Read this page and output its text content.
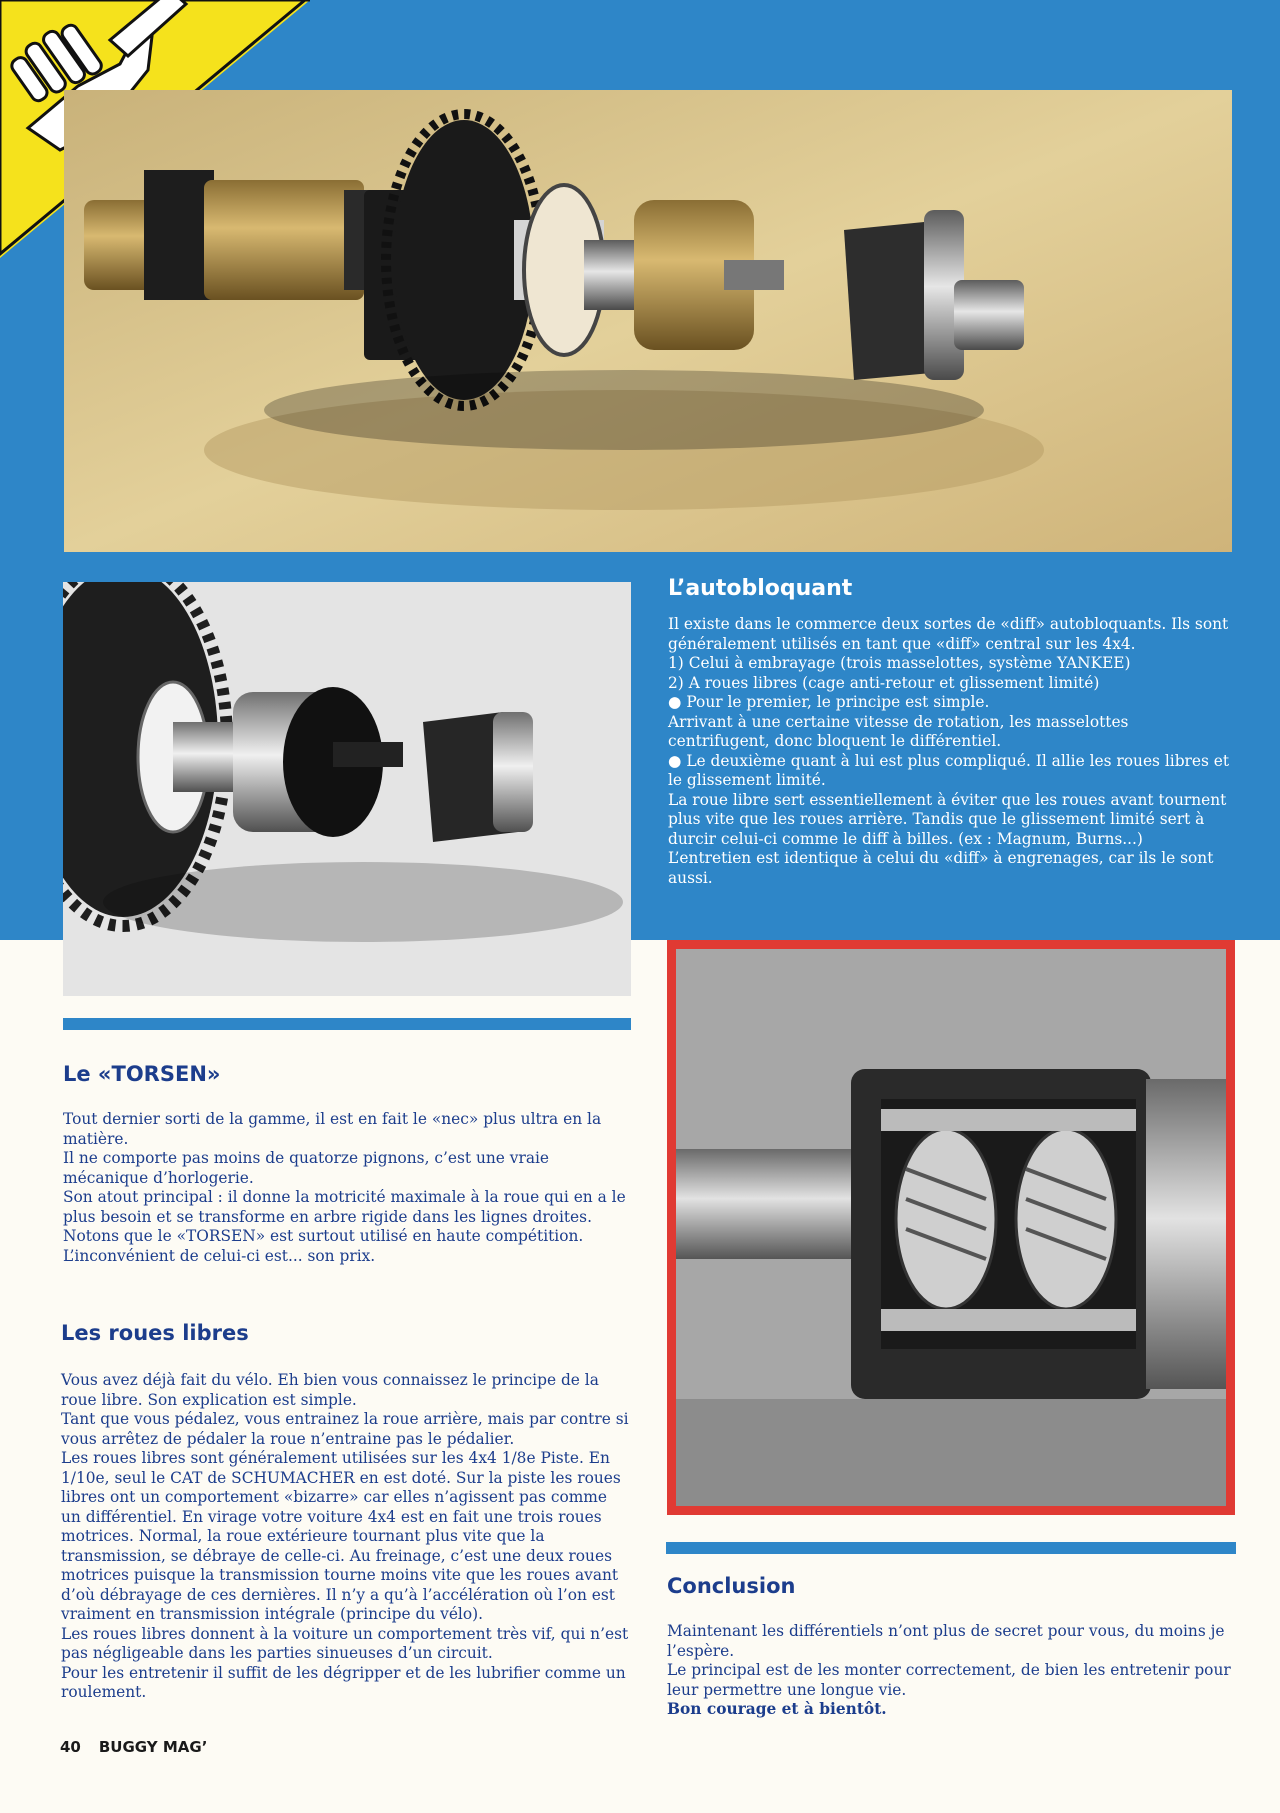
L’autobloquant

Il existe dans le commerce deux sortes de «diff» autobloquants. Ils sont généralement utilisés en tant que «diff» central sur les 4x4.

1) Celui à embrayage (trois masselottes, système YANKEE)

2) A roues libres (cage anti-retour et glissement limité)

● Pour le premier, le principe est simple.

Arrivant à une certaine vitesse de rotation, les masselottes centrifugent, donc bloquent le différentiel.

● Le deuxième quant à lui est plus compliqué. Il allie les roues libres et le glissement limité.

La roue libre sert essentiellement à éviter que les roues avant tournent plus vite que les roues arrière. Tandis que le glissement limité sert à durcir celui-ci comme le diff à billes. (ex : Magnum, Burns...)

L’entretien est identique à celui du «diff» à engrenages, car ils le sont aussi.

Le «TORSEN»

Tout dernier sorti de la gamme, il est en fait le «nec» plus ultra en la matière.

Il ne comporte pas moins de quatorze pignons, c’est une vraie mécanique d’horlogerie.

Son atout principal : il donne la motricité maximale à la roue qui en a le plus besoin et se transforme en arbre rigide dans les lignes droites.

Notons que le «TORSEN» est surtout utilisé en haute compétition.

L’inconvénient de celui-ci est... son prix.

Les roues libres

Vous avez déjà fait du vélo. Eh bien vous connaissez le principe de la roue libre. Son explication est simple.

Tant que vous pédalez, vous entrainez la roue arrière, mais par contre si vous arrêtez de pédaler la roue n’entraine pas le pédalier.

Les roues libres sont généralement utilisées sur les 4x4 1/8e Piste. En 1/10e, seul le CAT de SCHUMACHER en est doté. Sur la piste les roues libres ont un comportement «bizarre» car elles n’agissent pas comme un différentiel. En virage votre voiture 4x4 est en fait une trois roues motrices. Normal, la roue extérieure tournant plus vite que la transmission, se débraye de celle-ci. Au freinage, c’est une deux roues motrices puisque la transmission tourne moins vite que les roues avant d’où débrayage de ces dernières. Il n’y a qu’à l’accélération où l’on est vraiment en transmission intégrale (principe du vélo).

Les roues libres donnent à la voiture un comportement très vif, qui n’est pas négligeable dans les parties sinueuses d’un circuit.

Pour les entretenir il suffit de les dégripper et de les lubrifier comme un roulement.

Conclusion

Maintenant les différentiels n’ont plus de secret pour vous, du moins je l’espère.

Le principal est de les monter correctement, de bien les entretenir pour leur permettre une longue vie.

Bon courage et à bientôt.

40 BUGGY MAG’
